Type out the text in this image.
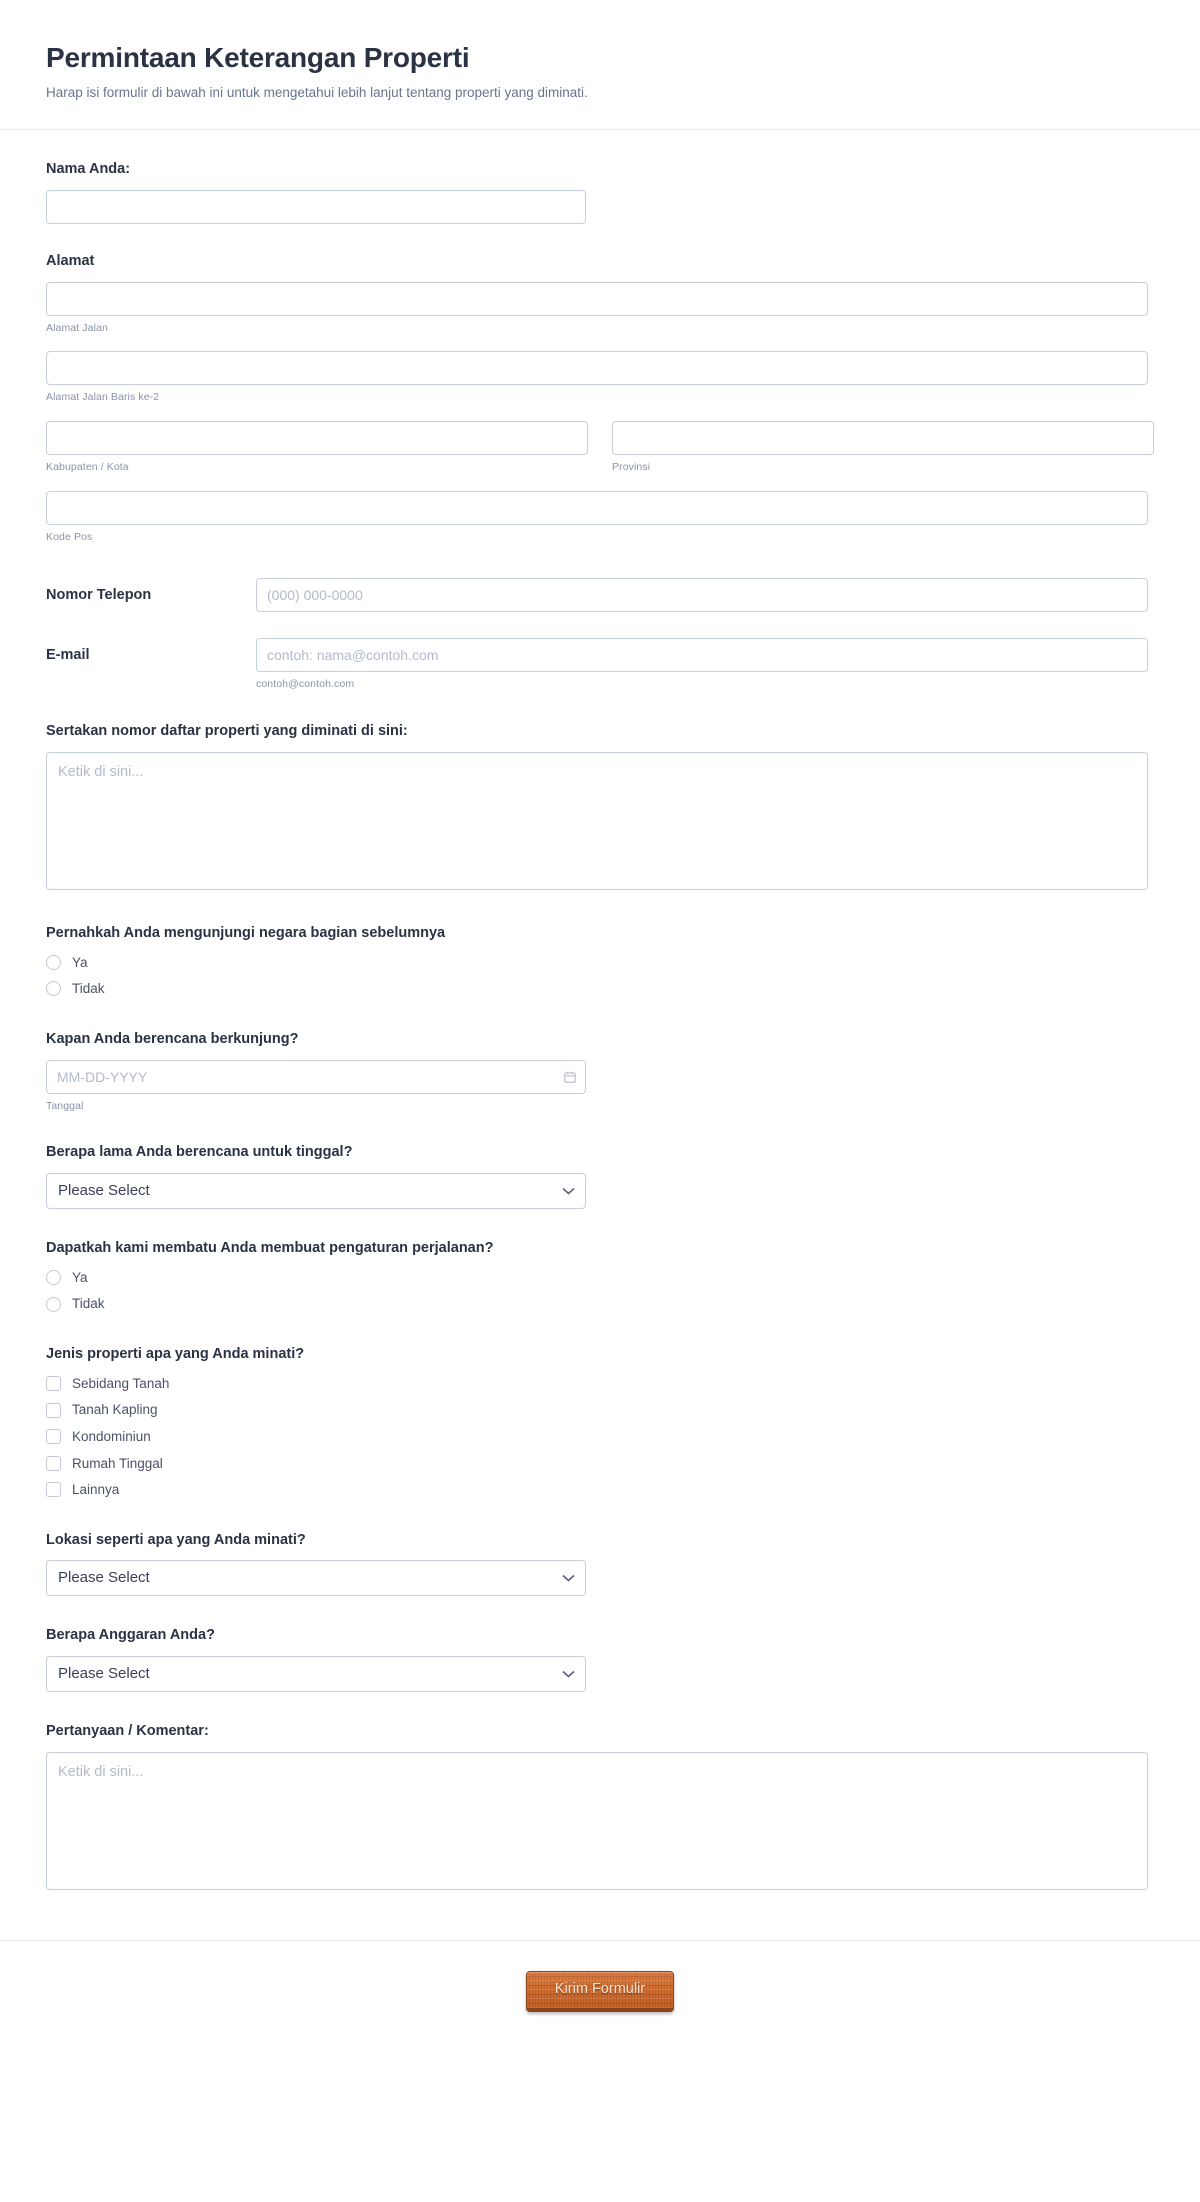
Permintaan Keterangan Properti

Harap isi formulir di bawah ini untuk mengetahui lebih lanjut tentang properti yang diminati.

Nama Anda:
Alamat
Alamat Jalan
Alamat Jalan Baris ke-2
Kabupaten / Kota	Provinsi
Kode Pos
Nomor Telepon
(000) 000-0000
E-mail
contoh: nama@contoh.com
contoh@contoh.com
Sertakan nomor daftar properti yang diminati di sini:
Ketik di sini...
Pernahkah Anda mengunjungi negara bagian sebelumnya
Ya
Tidak
Kapan Anda berencana berkunjung?
MM-DD-YYYY
Tanggal
Berapa lama Anda berencana untuk tinggal?
Please Select
Dapatkah kami membatu Anda membuat pengaturan perjalanan?
Ya
Tidak
Jenis properti apa yang Anda minati?
Sebidang Tanah
Tanah Kapling
Kondominiun
Rumah Tinggal
Lainnya
Lokasi seperti apa yang Anda minati?
Please Select
Berapa Anggaran Anda?
Please Select
Pertanyaan / Komentar:
Ketik di sini...
Kirim Formulir
